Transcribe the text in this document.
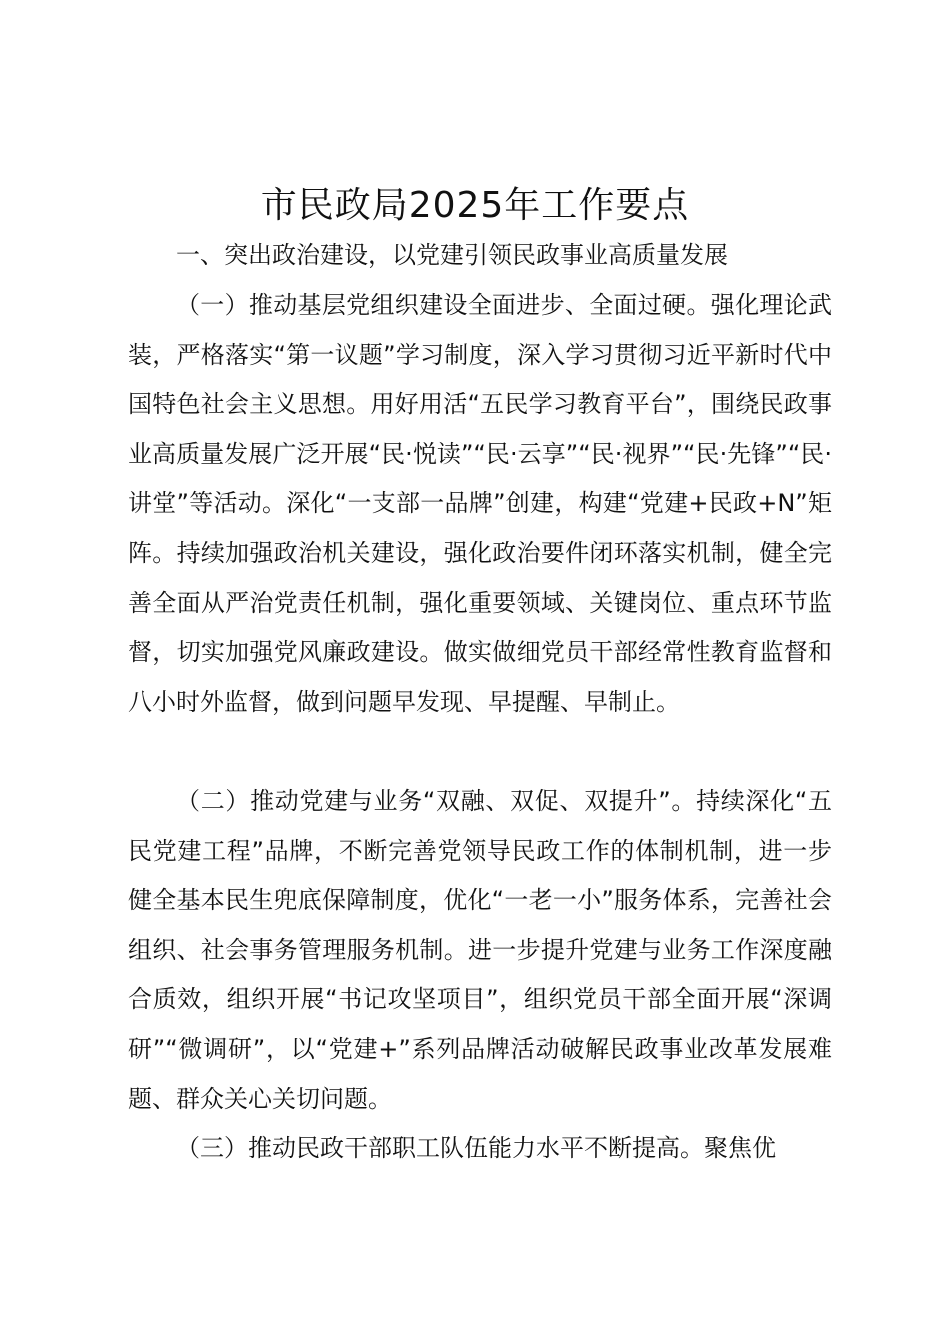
市民政局2025年工作要点

一、突出政治建设，以党建引领民政事业高质量发展

（一）推动基层党组织建设全面进步、全面过硬。强化理论武装，严格落实“第一议题”学习制度，深入学习贯彻习近平新时代中国特色社会主义思想。用好用活“五民学习教育平台”，围绕民政事业高质量发展广泛开展“民·悦读”“民·云享”“民·视界”“民·先锋”“民·讲堂”等活动。深化“一支部一品牌”创建，构建“党建+民政+N”矩阵。持续加强政治机关建设，强化政治要件闭环落实机制，健全完善全面从严治党责任机制，强化重要领域、关键岗位、重点环节监督，切实加强党风廉政建设。做实做细党员干部经常性教育监督和八小时外监督，做到问题早发现、早提醒、早制止。

（二）推动党建与业务“双融、双促、双提升”。持续深化“五民党建工程”品牌，不断完善党领导民政工作的体制机制，进一步健全基本民生兜底保障制度，优化“一老一小”服务体系，完善社会组织、社会事务管理服务机制。进一步提升党建与业务工作深度融合质效，组织开展“书记攻坚项目”，组织党员干部全面开展“深调研”“微调研”，以“党建+”系列品牌活动破解民政事业改革发展难题、群众关心关切问题。

（三）推动民政干部职工队伍能力水平不断提高。聚焦优
